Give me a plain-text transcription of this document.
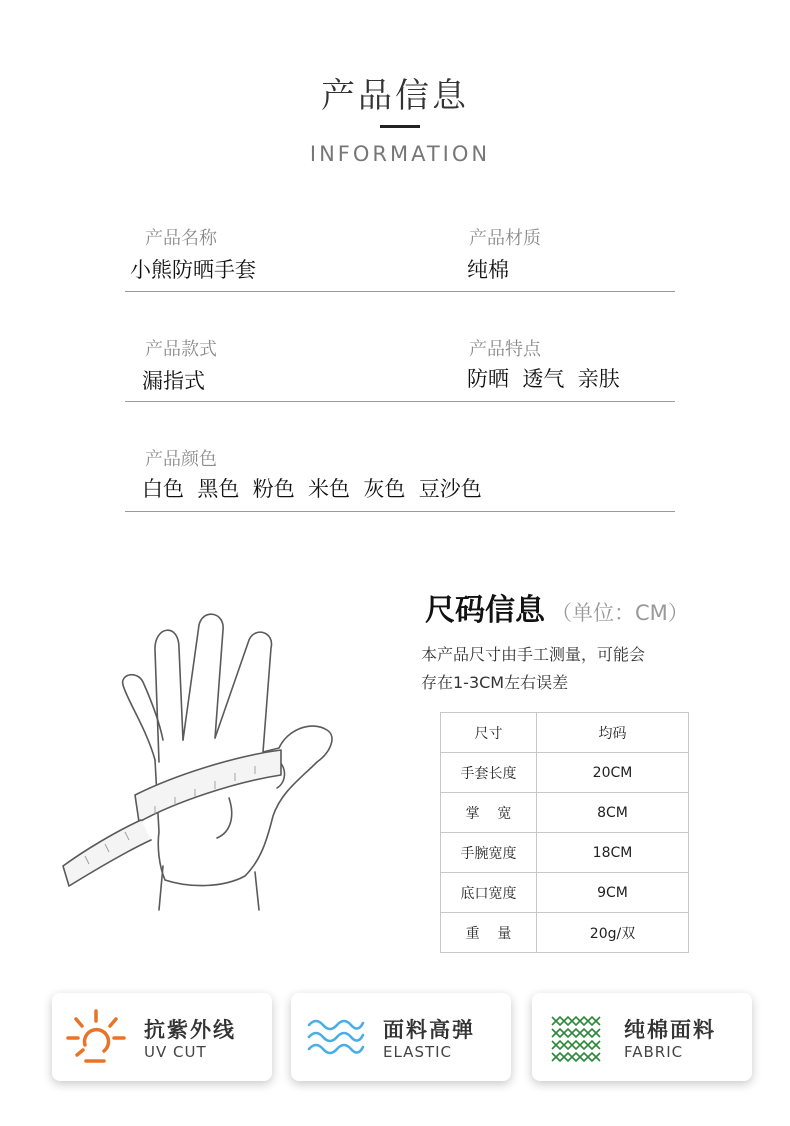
产品信息
INFORMATION
产品名称
小熊防晒手套
产品材质
纯棉
产品款式
漏指式
产品特点
防晒  透气  亲肤
产品颜色
白色  黑色  粉色  米色  灰色  豆沙色
尺码信息 （单位：CM）
本产品尺寸由手工测量，可能会
存在1-3CM左右误差
尺寸	均码
手套长度	20CM
掌    宽	8CM
手腕宽度	18CM
底口宽度	9CM
重    量	20g/双
抗紫外线
UV CUT
面料高弹
ELASTIC
纯棉面料
FABRIC
